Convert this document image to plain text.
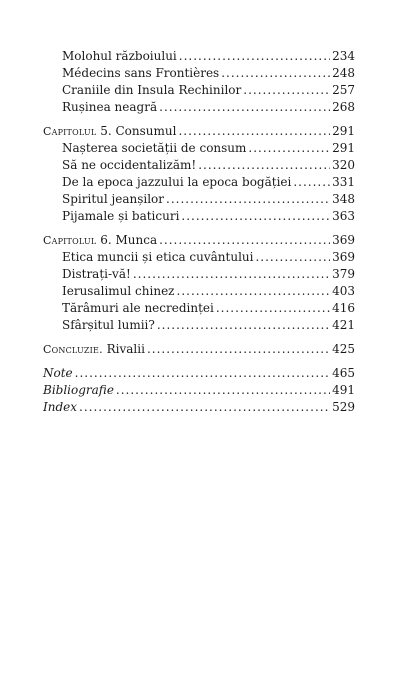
Molohul războiului .....	234
Médecins sans Frontières .....	248
Craniile din Insula Rechinilor .....	257
Rușinea neagră .....	268
Capitolul 5. Consumul .....	291
Nașterea societății de consum .....	291
Să ne occidentalizăm! .....	320
De la epoca jazzului la epoca bogăției .....	331
Spiritul jeanșilor .....	348
Pijamale și baticuri .....	363
Capitolul 6. Munca .....	369
Etica muncii și etica cuvântului .....	369
Distrați-vă! .....	379
Ierusalimul chinez .....	403
Tărâmuri ale necredinței .....	416
Sfârșitul lumii? .....	421
Concluzie. Rivalii .....	425
Note .....	465
Bibliografie .....	491
Index .....	529
